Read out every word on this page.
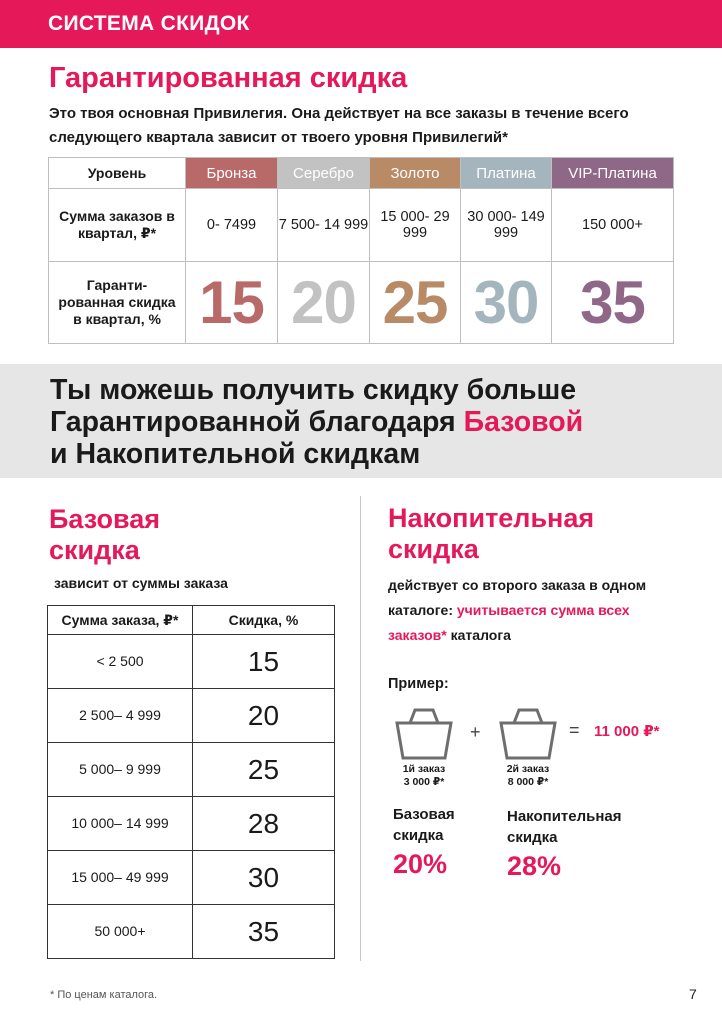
СИСТЕМА СКИДОК
Гарантированная скидка
Это твоя основная Привилегия. Она действует на все заказы в течение всего следующего квартала зависит от твоего уровня Привилегий*
Уровень	Бронза	Серебро	Золото	Платина	VIP-Платина
Сумма заказов в квартал, ₽*	0- 7499	7 500- 14 999	15 000- 29 999	30 000- 149 999	150 000+
Гаранти-рованная скидка в квартал, %	15	20	25	30	35
Ты можешь получить скидку больше Гарантированной благодаря Базовой
и Накопительной скидкам
Базовая скидка
зависит от суммы заказа
Сумма заказа, ₽*	Скидка, %
< 2 500	15
2 500– 4 999	20
5 000– 9 999	25
10 000– 14 999	28
15 000– 49 999	30
50 000+	35
Накопительная скидка
действует со второго заказа в одном каталоге: учитывается сумма всех заказов* каталога
Пример:
+	= 11 000 ₽*
1й заказ
3 000 ₽*
2й заказ
8 000 ₽*
Базовая скидка
20%
Накопительная скидка
28%
* По ценам каталога.	7
